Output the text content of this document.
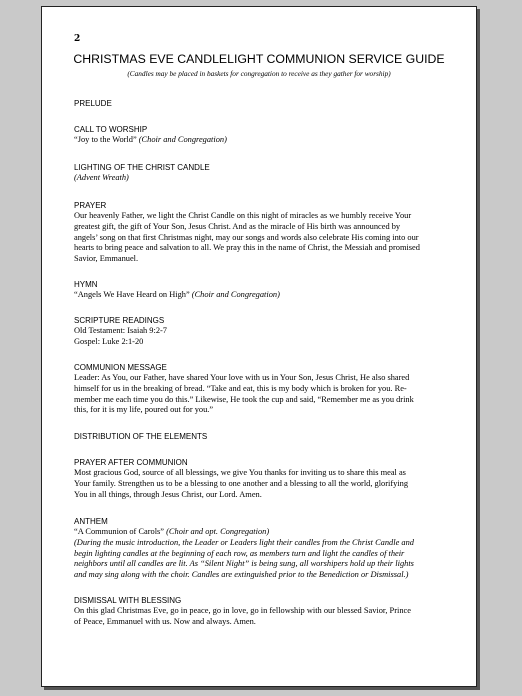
2
CHRISTMAS EVE CANDLELIGHT COMMUNION SERVICE GUIDE
(Candles may be placed in baskets for congregation to receive as they gather for worship)
PRELUDE
CALL TO WORSHIP
“Joy to the World” (Choir and Congregation)
LIGHTING OF THE CHRIST CANDLE
(Advent Wreath)
PRAYER
Our heavenly Father, we light the Christ Candle on this night of miracles as we humbly receive Your
greatest gift, the gift of Your Son, Jesus Christ. And as the miracle of His birth was announced by
angels’ song on that first Christmas night, may our songs and words also celebrate His coming into our
hearts to bring peace and salvation to all. We pray this in the name of Christ, the Messiah and promised
Savior, Emmanuel.
HYMN
“Angels We Have Heard on High” (Choir and Congregation)
SCRIPTURE READINGS
Old Testament: Isaiah 9:2-7
Gospel: Luke 2:1-20
COMMUNION MESSAGE
Leader: As You, our Father, have shared Your love with us in Your Son, Jesus Christ, He also shared
himself for us in the breaking of bread. “Take and eat, this is my body which is broken for you. Re-
member me each time you do this.” Likewise, He took the cup and said, “Remember me as you drink
this, for it is my life, poured out for you.”
DISTRIBUTION OF THE ELEMENTS
PRAYER AFTER COMMUNION
Most gracious God, source of all blessings, we give You thanks for inviting us to share this meal as
Your family. Strengthen us to be a blessing to one another and a blessing to all the world, glorifying
You in all things, through Jesus Christ, our Lord. Amen.
ANTHEM
“A Communion of Carols” (Choir and opt. Congregation)
(During the music introduction, the Leader or Leaders light their candles from the Christ Candle and
begin lighting candles at the beginning of each row, as members turn and light the candles of their
neighbors until all candles are lit. As “Silent Night” is being sung, all worshipers hold up their lights
and may sing along with the choir. Candles are extinguished prior to the Benediction or Dismissal.)
DISMISSAL WITH BLESSING
On this glad Christmas Eve, go in peace, go in love, go in fellowship with our blessed Savior, Prince
of Peace, Emmanuel with us. Now and always. Amen.
